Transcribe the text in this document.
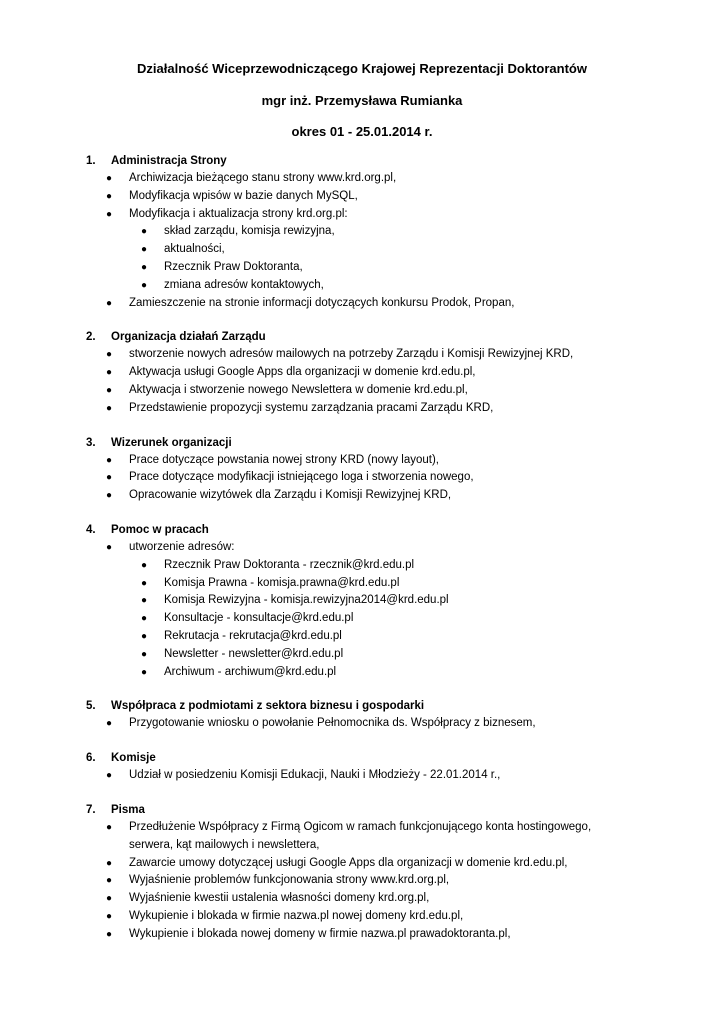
Działalność Wiceprzewodniczącego Krajowej Reprezentacji Doktorantów
mgr inż. Przemysława Rumianka
okres 01 - 25.01.2014 r.
1. Administracja Strony
● Archiwizacja bieżącego stanu strony www.krd.org.pl,
● Modyfikacja wpisów w bazie danych MySQL,
● Modyfikacja i aktualizacja strony krd.org.pl:
● skład zarządu, komisja rewizyjna,
● aktualności,
● Rzecznik Praw Doktoranta,
● zmiana adresów kontaktowych,
● Zamieszczenie na stronie informacji dotyczących konkursu Prodok, Propan,
2. Organizacja działań Zarządu
● stworzenie nowych adresów mailowych na potrzeby Zarządu i Komisji Rewizyjnej KRD,
● Aktywacja usługi Google Apps dla organizacji w domenie krd.edu.pl,
● Aktywacja i stworzenie nowego Newslettera w domenie krd.edu.pl,
● Przedstawienie propozycji systemu zarządzania pracami Zarządu KRD,
3. Wizerunek organizacji
● Prace dotyczące powstania nowej strony KRD (nowy layout),
● Prace dotyczące modyfikacji istniejącego loga i stworzenia nowego,
● Opracowanie wizytówek dla Zarządu i Komisji Rewizyjnej KRD,
4. Pomoc w pracach
● utworzenie adresów:
● Rzecznik Praw Doktoranta - rzecznik@krd.edu.pl
● Komisja Prawna - komisja.prawna@krd.edu.pl
● Komisja Rewizyjna - komisja.rewizyjna2014@krd.edu.pl
● Konsultacje - konsultacje@krd.edu.pl
● Rekrutacja - rekrutacja@krd.edu.pl
● Newsletter - newsletter@krd.edu.pl
● Archiwum - archiwum@krd.edu.pl
5. Współpraca z podmiotami z sektora biznesu i gospodarki
● Przygotowanie wniosku o powołanie Pełnomocnika ds. Współpracy z biznesem,
6. Komisje
● Udział w posiedzeniu Komisji Edukacji, Nauki i Młodzieży - 22.01.2014 r.,
7. Pisma
● Przedłużenie Współpracy z Firmą Ogicom w ramach funkcjonującego konta hostingowego, serwera, kąt mailowych i newslettera,
● Zawarcie umowy dotyczącej usługi Google Apps dla organizacji w domenie krd.edu.pl,
● Wyjaśnienie problemów funkcjonowania strony www.krd.org.pl,
● Wyjaśnienie kwestii ustalenia własności domeny krd.org.pl,
● Wykupienie i blokada w firmie nazwa.pl nowej domeny krd.edu.pl,
● Wykupienie i blokada nowej domeny w firmie nazwa.pl prawadoktoranta.pl,
